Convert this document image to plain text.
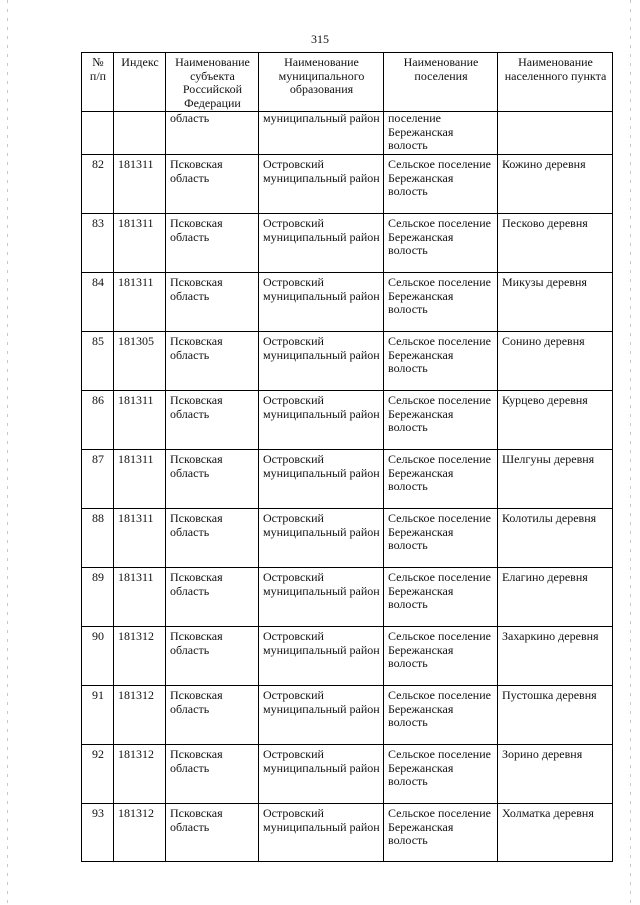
315
№ п/п	Индекс	Наименование субъекта Российской Федерации	Наименование муниципального образования	Наименование поселения	Наименование населенного пункта
		область	муниципальный район	поселение Бережанская волость	
82	181311	Псковская область	Островский муниципальный район	Сельское поселение Бережанская волость	Кожино деревня
83	181311	Псковская область	Островский муниципальный район	Сельское поселение Бережанская волость	Песково деревня
84	181311	Псковская область	Островский муниципальный район	Сельское поселение Бережанская волость	Микузы деревня
85	181305	Псковская область	Островский муниципальный район	Сельское поселение Бережанская волость	Сонино деревня
86	181311	Псковская область	Островский муниципальный район	Сельское поселение Бережанская волость	Курцево деревня
87	181311	Псковская область	Островский муниципальный район	Сельское поселение Бережанская волость	Шелгуны деревня
88	181311	Псковская область	Островский муниципальный район	Сельское поселение Бережанская волость	Колотилы деревня
89	181311	Псковская область	Островский муниципальный район	Сельское поселение Бережанская волость	Елагино деревня
90	181312	Псковская область	Островский муниципальный район	Сельское поселение Бережанская волость	Захаркино деревня
91	181312	Псковская область	Островский муниципальный район	Сельское поселение Бережанская волость	Пустошка деревня
92	181312	Псковская область	Островский муниципальный район	Сельское поселение Бережанская волость	Зорино деревня
93	181312	Псковская область	Островский муниципальный район	Сельское поселение Бережанская волость	Холматка деревня
